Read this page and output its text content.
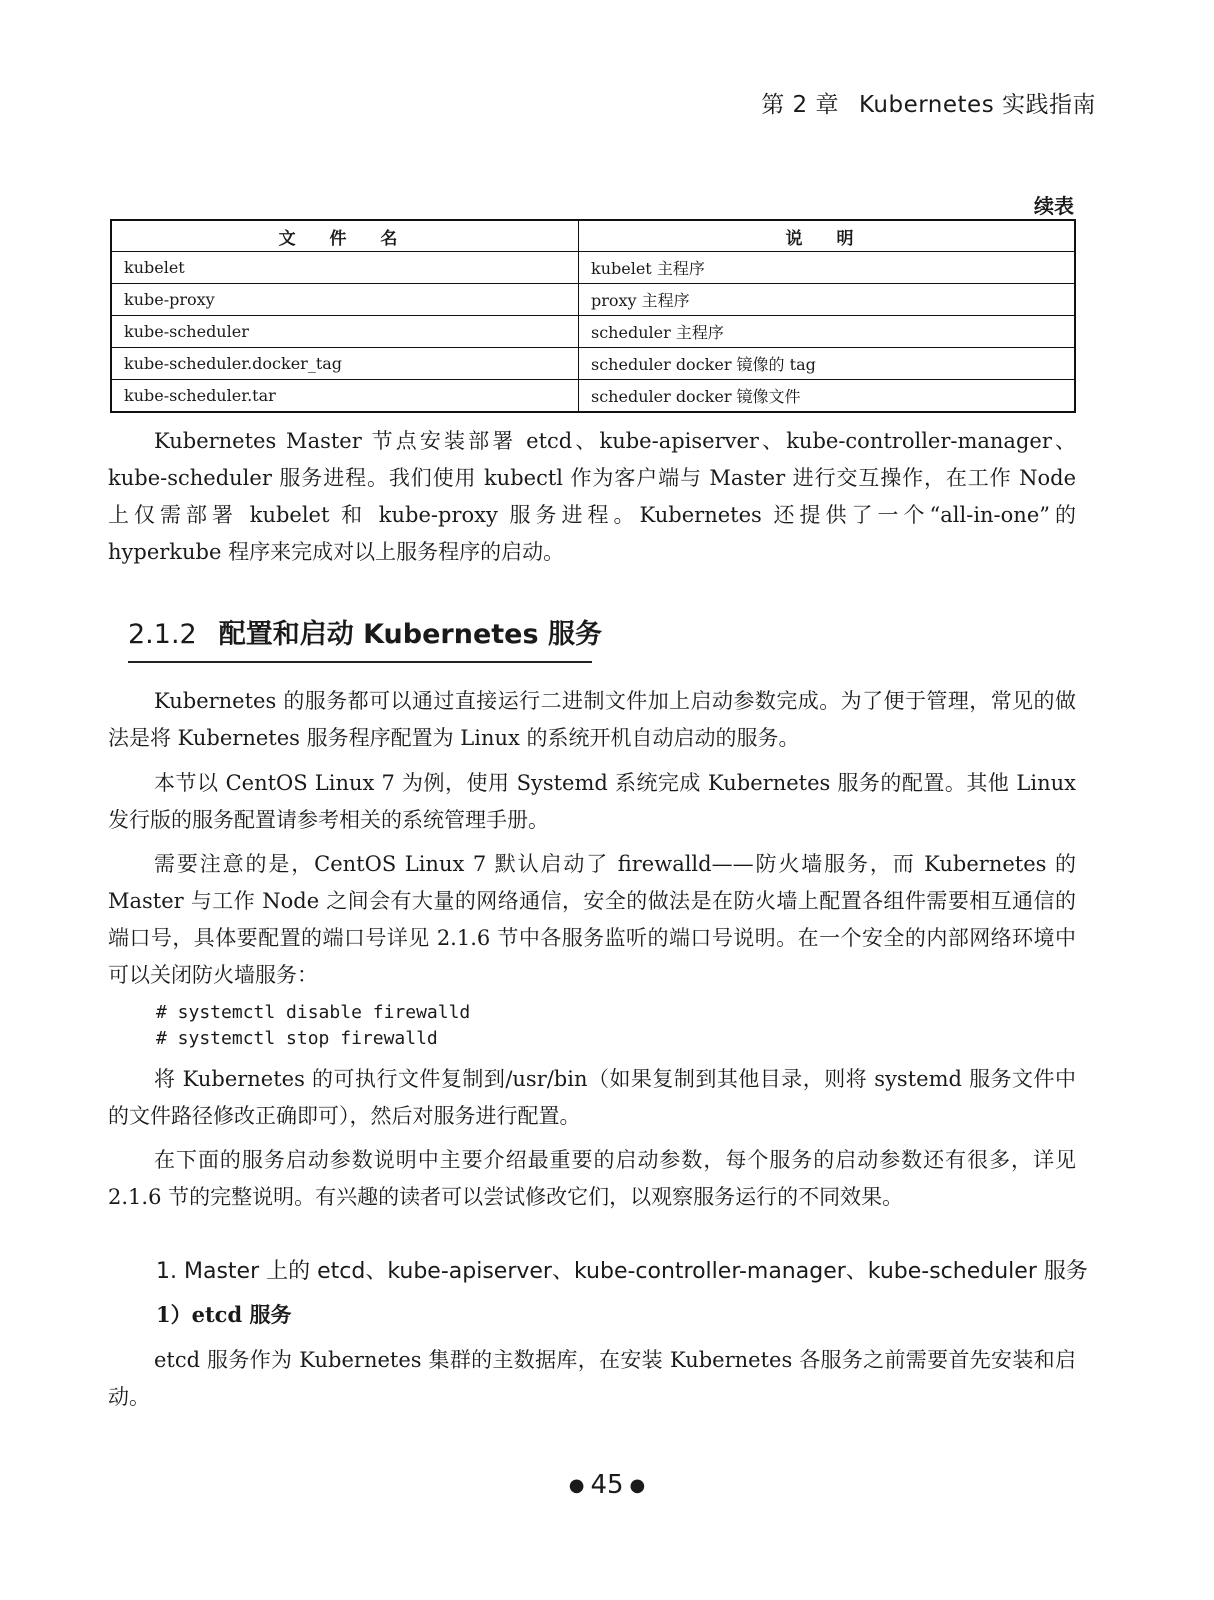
第 2 章 Kubernetes 实践指南
续表
文 件 名	说 明
kubelet	kubelet 主程序
kube-proxy	proxy 主程序
kube-scheduler	scheduler 主程序
kube-scheduler.docker_tag	scheduler docker 镜像的 tag
kube-scheduler.tar	scheduler docker 镜像文件

Kubernetes Master 节点安装部署 etcd、kube-apiserver、kube-controller-manager、kube-scheduler 服务进程。我们使用 kubectl 作为客户端与 Master 进行交互操作，在工作 Node 上仅需部署 kubelet 和 kube-proxy 服务进程。Kubernetes 还提供了一个“all-in-one”的 hyperkube 程序来完成对以上服务程序的启动。

2.1.2 配置和启动 Kubernetes 服务

Kubernetes 的服务都可以通过直接运行二进制文件加上启动参数完成。为了便于管理，常见的做法是将 Kubernetes 服务程序配置为 Linux 的系统开机自动启动的服务。

本节以 CentOS Linux 7 为例，使用 Systemd 系统完成 Kubernetes 服务的配置。其他 Linux 发行版的服务配置请参考相关的系统管理手册。

需要注意的是，CentOS Linux 7 默认启动了 firewalld——防火墙服务，而 Kubernetes 的 Master 与工作 Node 之间会有大量的网络通信，安全的做法是在防火墙上配置各组件需要相互通信的端口号，具体要配置的端口号详见 2.1.6 节中各服务监听的端口号说明。在一个安全的内部网络环境中可以关闭防火墙服务：

# systemctl disable firewalld
# systemctl stop firewalld

将 Kubernetes 的可执行文件复制到/usr/bin（如果复制到其他目录，则将 systemd 服务文件中的文件路径修改正确即可），然后对服务进行配置。

在下面的服务启动参数说明中主要介绍最重要的启动参数，每个服务的启动参数还有很多，详见 2.1.6 节的完整说明。有兴趣的读者可以尝试修改它们，以观察服务运行的不同效果。

1. Master 上的 etcd、kube-apiserver、kube-controller-manager、kube-scheduler 服务
1）etcd 服务

etcd 服务作为 Kubernetes 集群的主数据库，在安装 Kubernetes 各服务之前需要首先安装和启动。

● 45 ●
